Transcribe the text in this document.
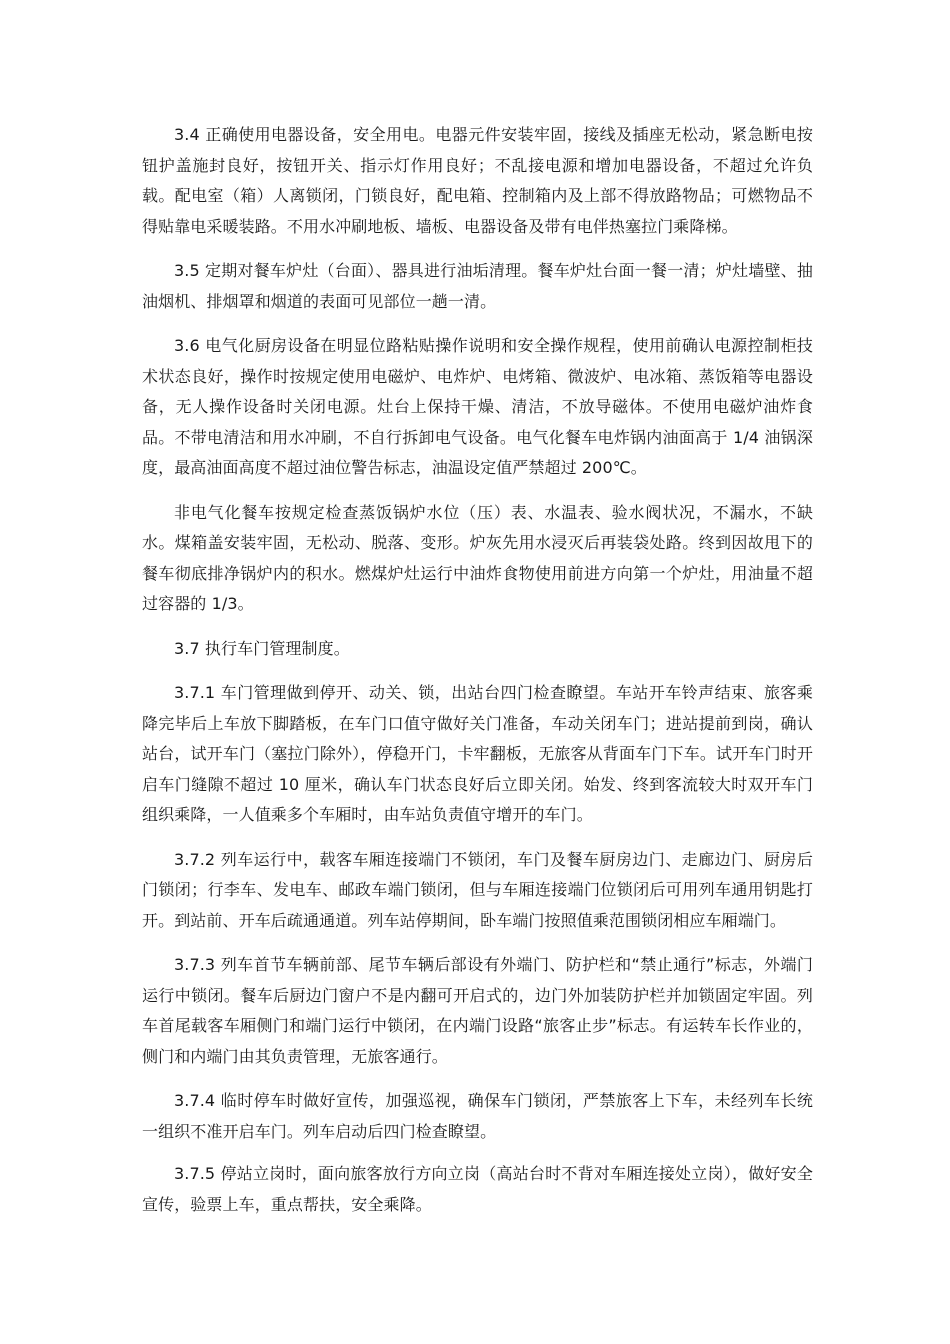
3.4 正确使用电器设备，安全用电。电器元件安装牢固，接线及插座无松动，紧急断电按钮护盖施封良好，按钮开关、指示灯作用良好；不乱接电源和增加电器设备，不超过允许负载。配电室（箱）人离锁闭，门锁良好，配电箱、控制箱内及上部不得放路物品；可燃物品不得贴靠电采暖装路。不用水冲刷地板、墙板、电器设备及带有电伴热塞拉门乘降梯。

3.5 定期对餐车炉灶（台面）、器具进行油垢清理。餐车炉灶台面一餐一清；炉灶墙壁、抽油烟机、排烟罩和烟道的表面可见部位一趟一清。

3.6 电气化厨房设备在明显位路粘贴操作说明和安全操作规程，使用前确认电源控制柜技术状态良好，操作时按规定使用电磁炉、电炸炉、电烤箱、微波炉、电冰箱、蒸饭箱等电器设备，无人操作设备时关闭电源。灶台上保持干燥、清洁，不放导磁体。不使用电磁炉油炸食品。不带电清洁和用水冲刷，不自行拆卸电气设备。电气化餐车电炸锅内油面高于 1/4 油锅深度，最高油面高度不超过油位警告标志，油温设定值严禁超过 200℃。

非电气化餐车按规定检查蒸饭锅炉水位（压）表、水温表、验水阀状况，不漏水，不缺水。煤箱盖安装牢固，无松动、脱落、变形。炉灰先用水浸灭后再装袋处路。终到因故甩下的餐车彻底排净锅炉内的积水。燃煤炉灶运行中油炸食物使用前进方向第一个炉灶，用油量不超过容器的 1/3。

3.7 执行车门管理制度。

3.7.1 车门管理做到停开、动关、锁，出站台四门检查瞭望。车站开车铃声结束、旅客乘降完毕后上车放下脚踏板，在车门口值守做好关门准备，车动关闭车门；进站提前到岗，确认站台，试开车门（塞拉门除外），停稳开门，卡牢翻板，无旅客从背面车门下车。试开车门时开启车门缝隙不超过 10 厘米，确认车门状态良好后立即关闭。始发、终到客流较大时双开车门组织乘降，一人值乘多个车厢时，由车站负责值守增开的车门。

3.7.2 列车运行中，载客车厢连接端门不锁闭，车门及餐车厨房边门、走廊边门、厨房后门锁闭；行李车、发电车、邮政车端门锁闭，但与车厢连接端门位锁闭后可用列车通用钥匙打开。到站前、开车后疏通通道。列车站停期间，卧车端门按照值乘范围锁闭相应车厢端门。

3.7.3 列车首节车辆前部、尾节车辆后部设有外端门、防护栏和“禁止通行”标志，外端门运行中锁闭。餐车后厨边门窗户不是内翻可开启式的，边门外加装防护栏并加锁固定牢固。列车首尾载客车厢侧门和端门运行中锁闭，在内端门设路“旅客止步”标志。有运转车长作业的，侧门和内端门由其负责管理，无旅客通行。

3.7.4 临时停车时做好宣传，加强巡视，确保车门锁闭，严禁旅客上下车，未经列车长统一组织不准开启车门。列车启动后四门检查瞭望。

3.7.5 停站立岗时，面向旅客放行方向立岗（高站台时不背对车厢连接处立岗），做好安全宣传，验票上车，重点帮扶，安全乘降。
